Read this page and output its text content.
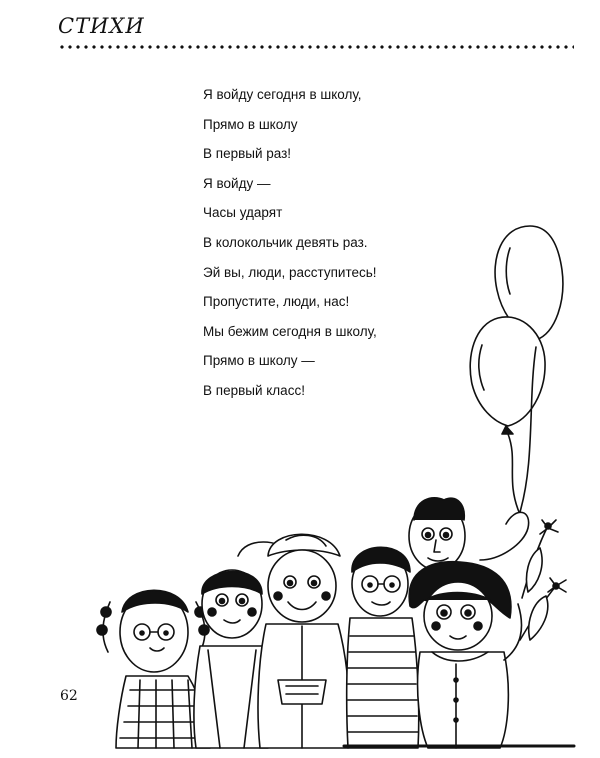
СТИХИ
Я войду сегодня в школу,
Прямо в школу
В первый раз!
Я войду —
Часы ударят
В колокольчик девять раз.
Эй вы, люди, расступитесь!
Пропустите, люди, нас!
Мы бежим сегодня в школу,
Прямо в школу —
В первый класс!
62
